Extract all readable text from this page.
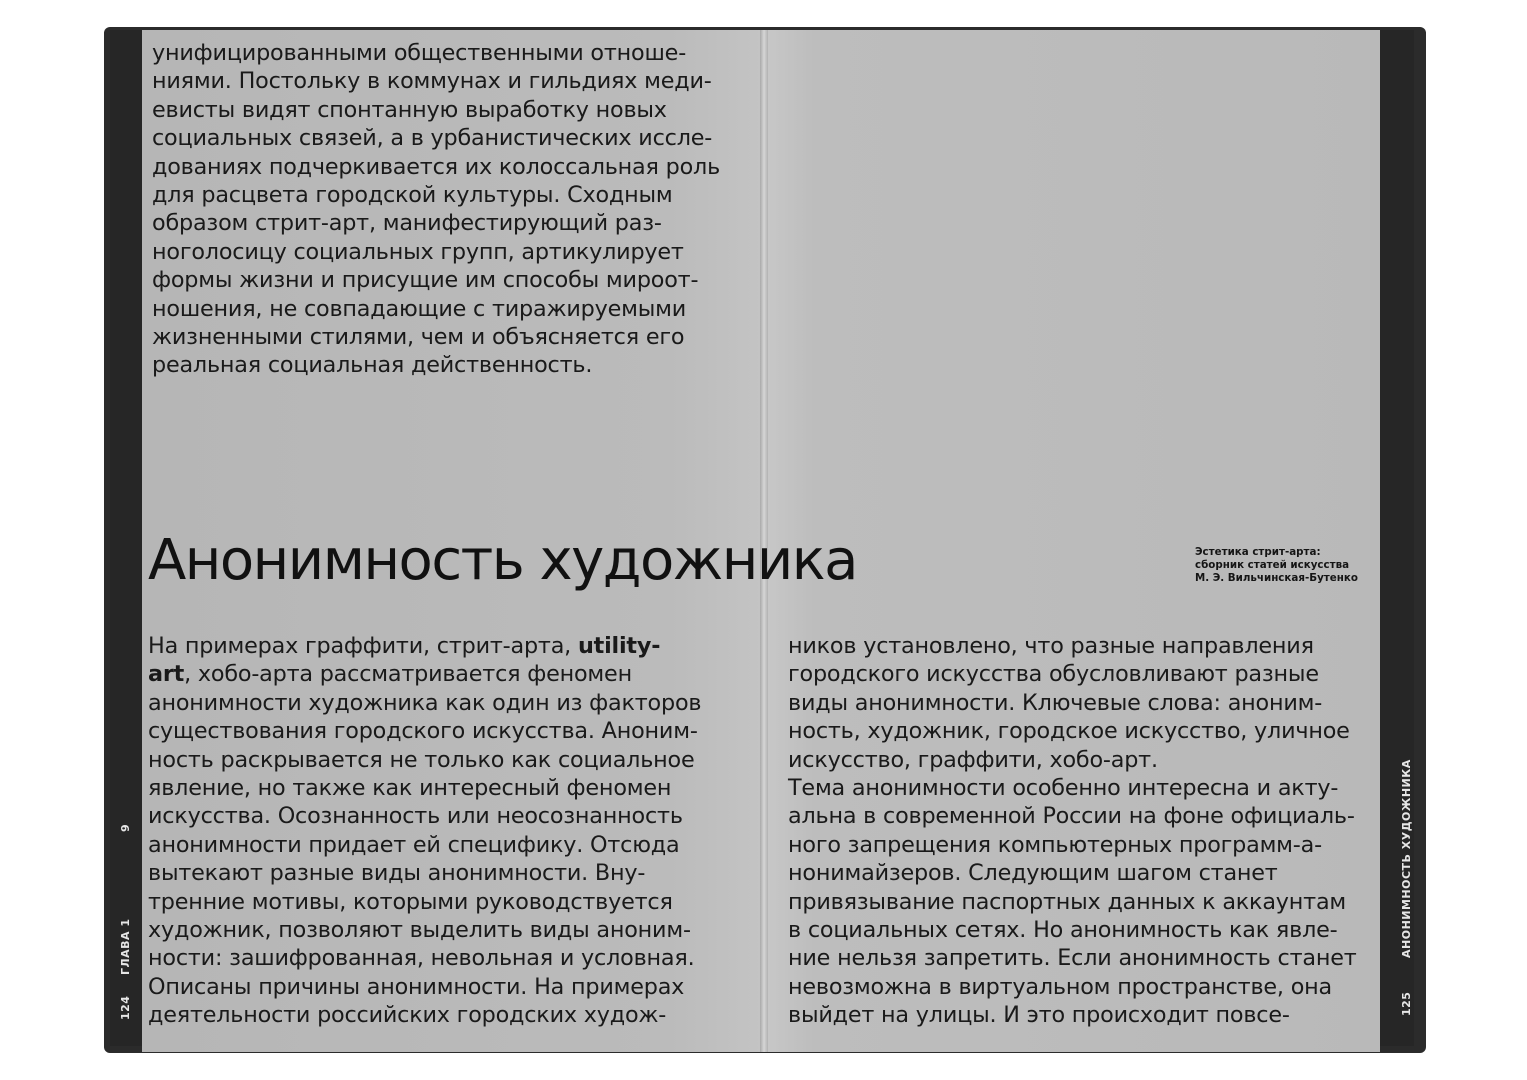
124
ГЛАВА 1
9
125
АНОНИМНОСТЬ ХУДОЖНИКА

унифицированными общественными отноше-
ниями. Постольку в коммунах и гильдиях меди-
евисты видят спонтанную выработку новых
социальных связей, а в урбанистических иссле-
дованиях подчеркивается их колоссальная роль
для расцвета городской культуры. Сходным
образом стрит-арт, манифестирующий раз-
ноголосицу социальных групп, артикулирует
формы жизни и присущие им способы мироот-
ношения, не совпадающие с тиражируемыми
жизненными стилями, чем и объясняется его
реальная социальная действенность.

Анонимность художника	Эстетика стрит-арта:
сборник статей искусства
М. Э. Вильчинская-Бутенко

На примерах граффити, стрит-арта, utility-
art, хобо-арта рассматривается феномен
анонимности художника как один из факторов
существования городского искусства. Аноним-
ность раскрывается не только как социальное
явление, но также как интересный феномен
искусства. Осознанность или неосознанность
анонимности придает ей специфику. Отсюда
вытекают разные виды анонимности. Вну-
тренние мотивы, которыми руководствуется
художник, позволяют выделить виды аноним-
ности: зашифрованная, невольная и условная.
Описаны причины анонимности. На примерах
деятельности российских городских худож-

ников установлено, что разные направления
городского искусства обусловливают разные
виды анонимности. Ключевые слова: аноним-
ность, художник, городское искусство, уличное
искусство, граффити, хобо-арт.
Тема анонимности особенно интересна и акту-
альна в современной России на фоне официаль-
ного запрещения компьютерных программ-а-
нонимайзеров. Следующим шагом станет
привязывание паспортных данных к аккаунтам
в социальных сетях. Но анонимность как явле-
ние нельзя запретить. Если анонимность станет
невозможна в виртуальном пространстве, она
выйдет на улицы. И это происходит повсе-
